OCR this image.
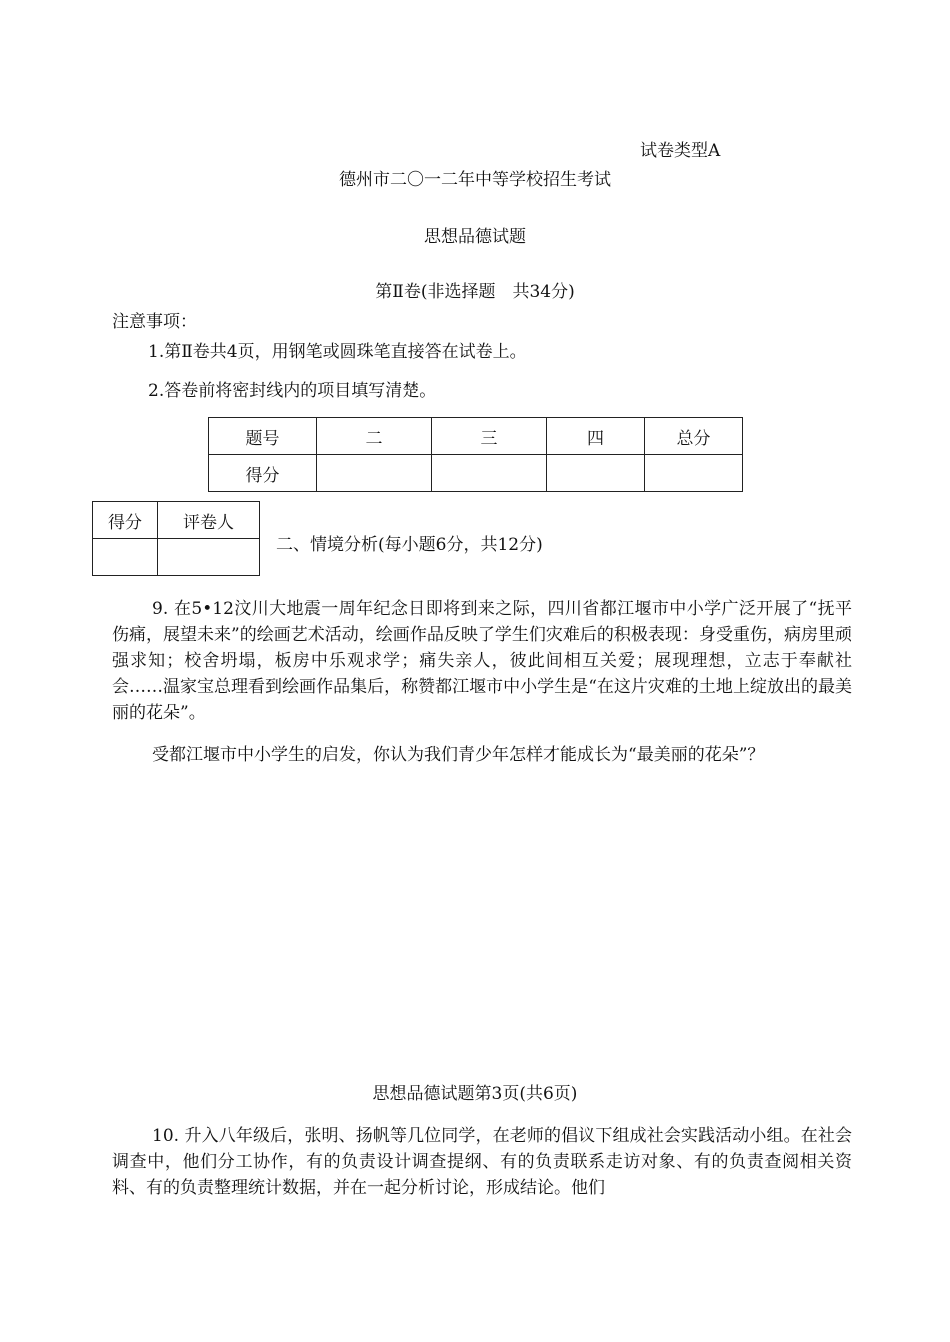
试卷类型A
德州市二〇一二年中等学校招生考试
思想品德试题
第Ⅱ卷(非选择题　共34分)
注意事项：
1.第Ⅱ卷共4页，用钢笔或圆珠笔直接答在试卷上。
2.答卷前将密封线内的项目填写清楚。
题号	二	三	四	总分
得分				
得分	评卷人

二、情境分析(每小题6分，共12分)
9. 在5•12汶川大地震一周年纪念日即将到来之际，四川省都江堰市中小学广泛开展了“抚平伤痛，展望未来”的绘画艺术活动，绘画作品反映了学生们灾难后的积极表现：身受重伤，病房里顽强求知；校舍坍塌，板房中乐观求学；痛失亲人，彼此间相互关爱；展现理想，立志于奉献社会……温家宝总理看到绘画作品集后，称赞都江堰市中小学生是“在这片灾难的土地上绽放出的最美丽的花朵”。
受都江堰市中小学生的启发，你认为我们青少年怎样才能成长为“最美丽的花朵”？
思想品德试题第3页(共6页)
10. 升入八年级后，张明、扬帆等几位同学，在老师的倡议下组成社会实践活动小组。在社会调查中，他们分工协作，有的负责设计调查提纲、有的负责联系走访对象、有的负责查阅相关资料、有的负责整理统计数据，并在一起分析讨论，形成结论。他们
